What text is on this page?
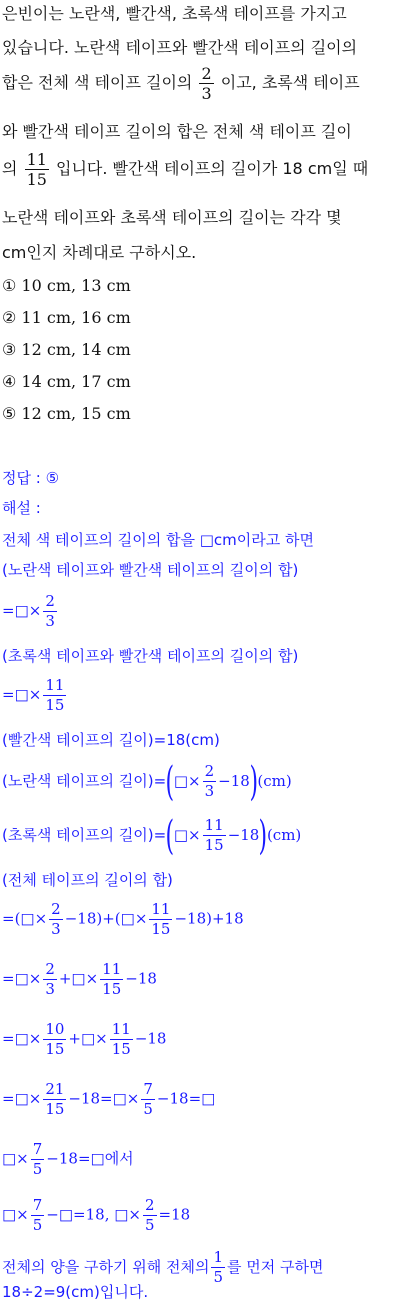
은빈이는 노란색, 빨간색, 초록색 테이프를 가지고
있습니다. 노란색 테이프와 빨간색 테이프의 길이의
합은 전체 색 테이프 길이의 $\frac{2}{3}$ 이고, 초록색 테이프
와 빨간색 테이프 길이의 합은 전체 색 테이프 길이
의 $\frac{11}{15}$ 입니다. 빨간색 테이프의 길이가 18 cm일 때
노란색 테이프와 초록색 테이프의 길이는 각각 몇
cm인지 차례대로 구하시오.
① 10 cm, 13 cm
② 11 cm, 16 cm
③ 12 cm, 14 cm
④ 14 cm, 17 cm
⑤ 12 cm, 15 cm
정답 : ⑤
해설 :
전체 색 테이프의 길이의 합을 □cm이라고 하면
(노란색 테이프와 빨간색 테이프의 길이의 합)
=□× $\frac{2}{3}$
(초록색 테이프와 빨간색 테이프의 길이의 합)
=□× $\frac{11}{15}$
(빨간색 테이프의 길이)=18(cm)
(노란색 테이프의 길이)=(□× $\frac{2}{3} -18)(cm)$
(초록색 테이프의 길이)=(□× $\frac{11}{15} -18)(cm)$
(전체 테이프의 길이의 합)
=(□× $\frac{2}{3}$ −18)+(□× $\frac{11}{15} -18)+18$
=□× $\frac{2}{3}$ +□× $\frac{11}{15} -18$
=□× $\frac{10}{15}$ +□× $\frac{11}{15} -18$
=□× $\frac{21}{15}$ −18=□× $\frac{7}{5}$ −18=□
□× $\frac{7}{5}$ −18=□에서
□× $\frac{7}{5}$ −□=18, □× $\frac{2}{5} =18$
전체의 양을 구하기 위해 전체의 $\frac{1}{5}$ 를 먼저 구하면
18÷2=9(cm)입니다.
